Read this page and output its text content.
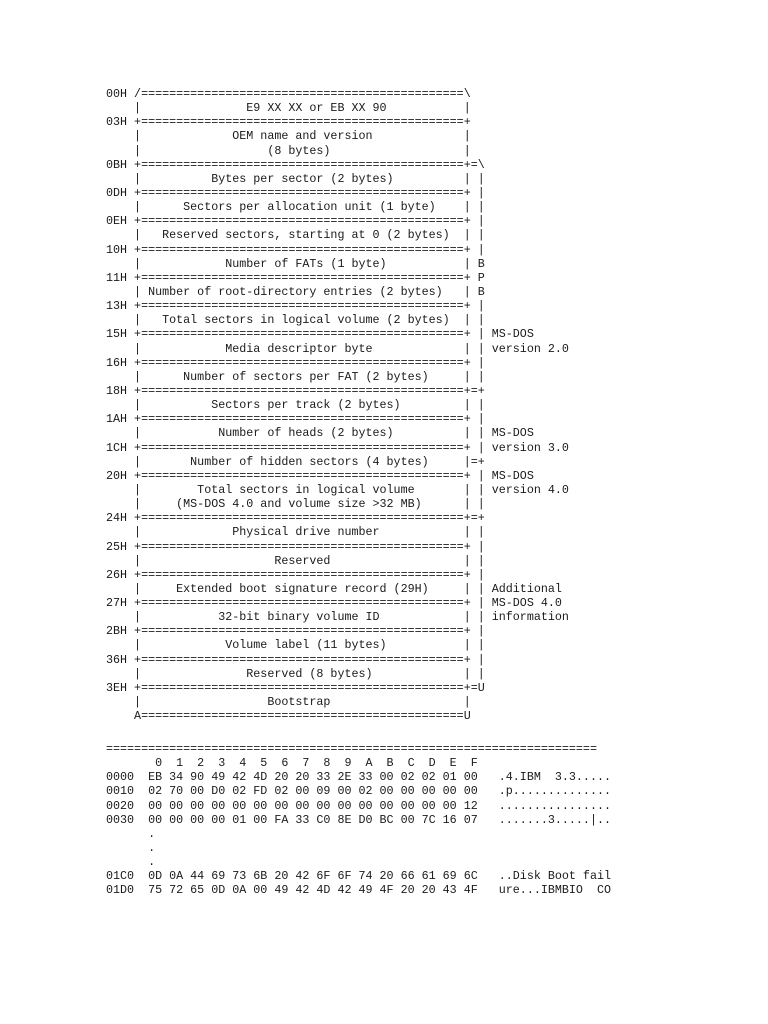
00H /==============================================\
|               E9 XX XX or EB XX 90           |
03H +==============================================+
|             OEM name and version             |
|                  (8 bytes)                   |
0BH +==============================================+=\
|          Bytes per sector (2 bytes)          | |
0DH +==============================================+ |
|      Sectors per allocation unit (1 byte)    | |
0EH +==============================================+ |
|   Reserved sectors, starting at 0 (2 bytes)  | |
10H +==============================================+ |
|            Number of FATs (1 byte)           | B
11H +==============================================+ P
| Number of root-directory entries (2 bytes)   | B
13H +==============================================+ |
|   Total sectors in logical volume (2 bytes)  | |
15H +==============================================+ | MS-DOS
|            Media descriptor byte             | | version 2.0
16H +==============================================+ |
|      Number of sectors per FAT (2 bytes)     | |
18H +==============================================+=+
|          Sectors per track (2 bytes)         | |
1AH +==============================================+ |
|           Number of heads (2 bytes)          | | MS-DOS
1CH +==============================================+ | version 3.0
|       Number of hidden sectors (4 bytes)     |=+
20H +==============================================+ | MS-DOS
|        Total sectors in logical volume       | | version 4.0
|     (MS-DOS 4.0 and volume size >32 MB)      | |
24H +==============================================+=+
|             Physical drive number            | |
25H +==============================================+ |
|                   Reserved                   | |
26H +==============================================+ |
|     Extended boot signature record (29H)     | | Additional
27H +==============================================+ | MS-DOS 4.0
|           32-bit binary volume ID            | | information
2BH +==============================================+ |
|            Volume label (11 bytes)           | |
36H +==============================================+ |
|               Reserved (8 bytes)             | |
3EH +==============================================+=U
|                  Bootstrap                   |
A==============================================U
======================================================================
0  1  2  3  4  5  6  7  8  9  A  B  C  D  E  F
0000  EB 34 90 49 42 4D 20 20 33 2E 33 00 02 02 01 00   .4.IBM  3.3.....
0010  02 70 00 D0 02 FD 02 00 09 00 02 00 00 00 00 00   .p..............
0020  00 00 00 00 00 00 00 00 00 00 00 00 00 00 00 12   ................
0030  00 00 00 00 01 00 FA 33 C0 8E D0 BC 00 7C 16 07   .......3.....|..
.
.
.
01C0  0D 0A 44 69 73 6B 20 42 6F 6F 74 20 66 61 69 6C   ..Disk Boot fail
01D0  75 72 65 0D 0A 00 49 42 4D 42 49 4F 20 20 43 4F   ure...IBMBIO  CO
